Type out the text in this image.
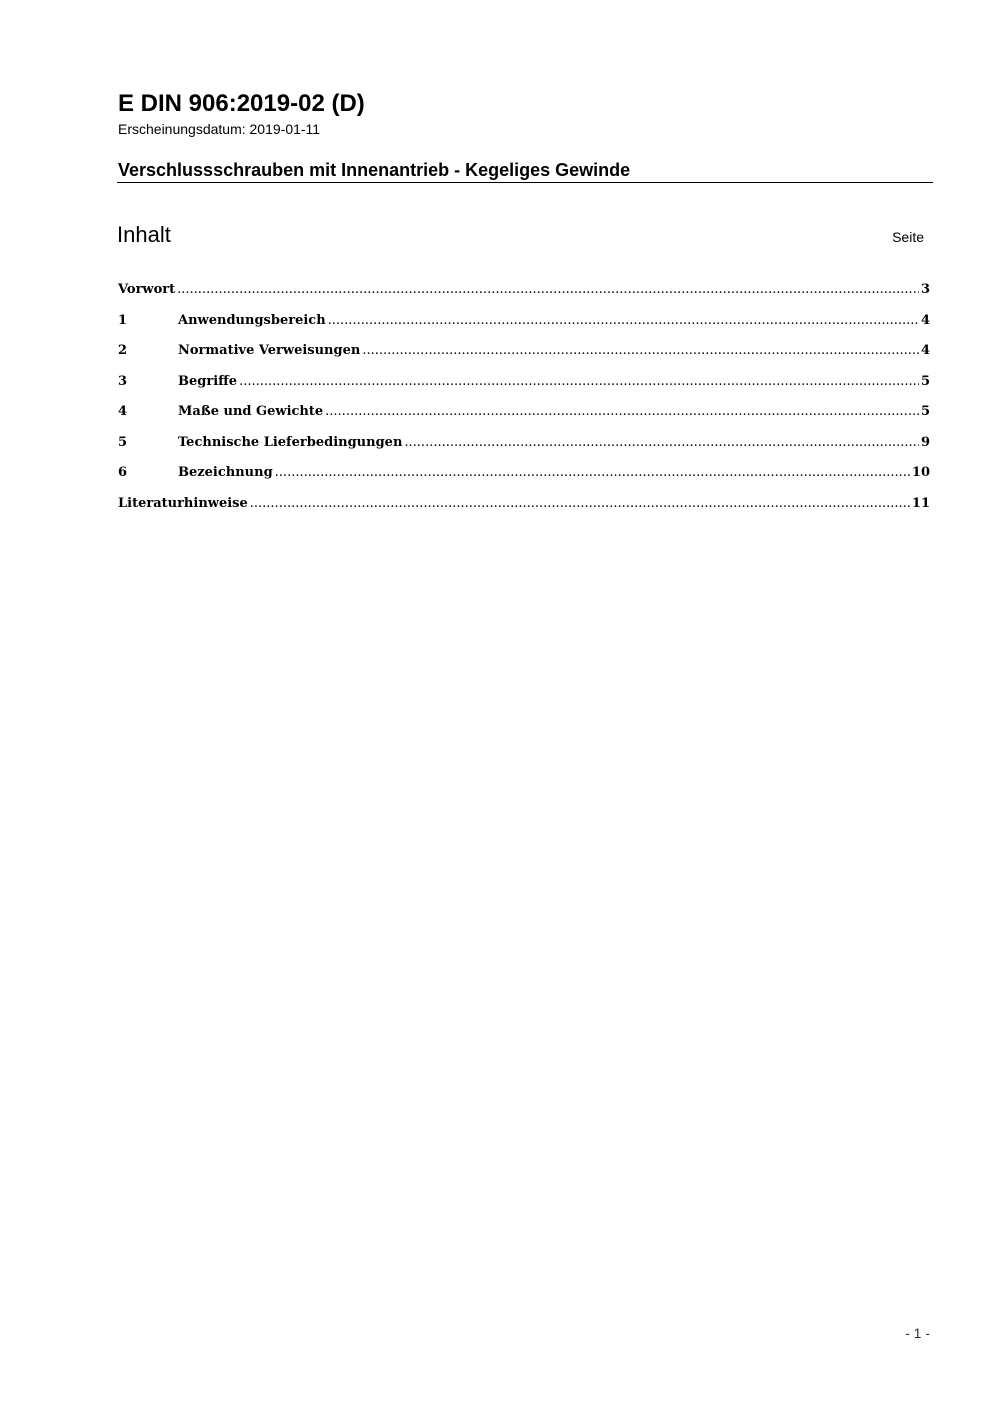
E DIN 906:2019-02 (D)
Erscheinungsdatum: 2019-01-11
Verschlussschrauben mit Innenantrieb - Kegeliges Gewinde
Inhalt	Seite
Vorwort .....	3
1	Anwendungsbereich .....	4
2	Normative Verweisungen .....	4
3	Begriffe .....	5
4	Maße und Gewichte .....	5
5	Technische Lieferbedingungen .....	9
6	Bezeichnung .....	10
Literaturhinweise .....	11
- 1 -
